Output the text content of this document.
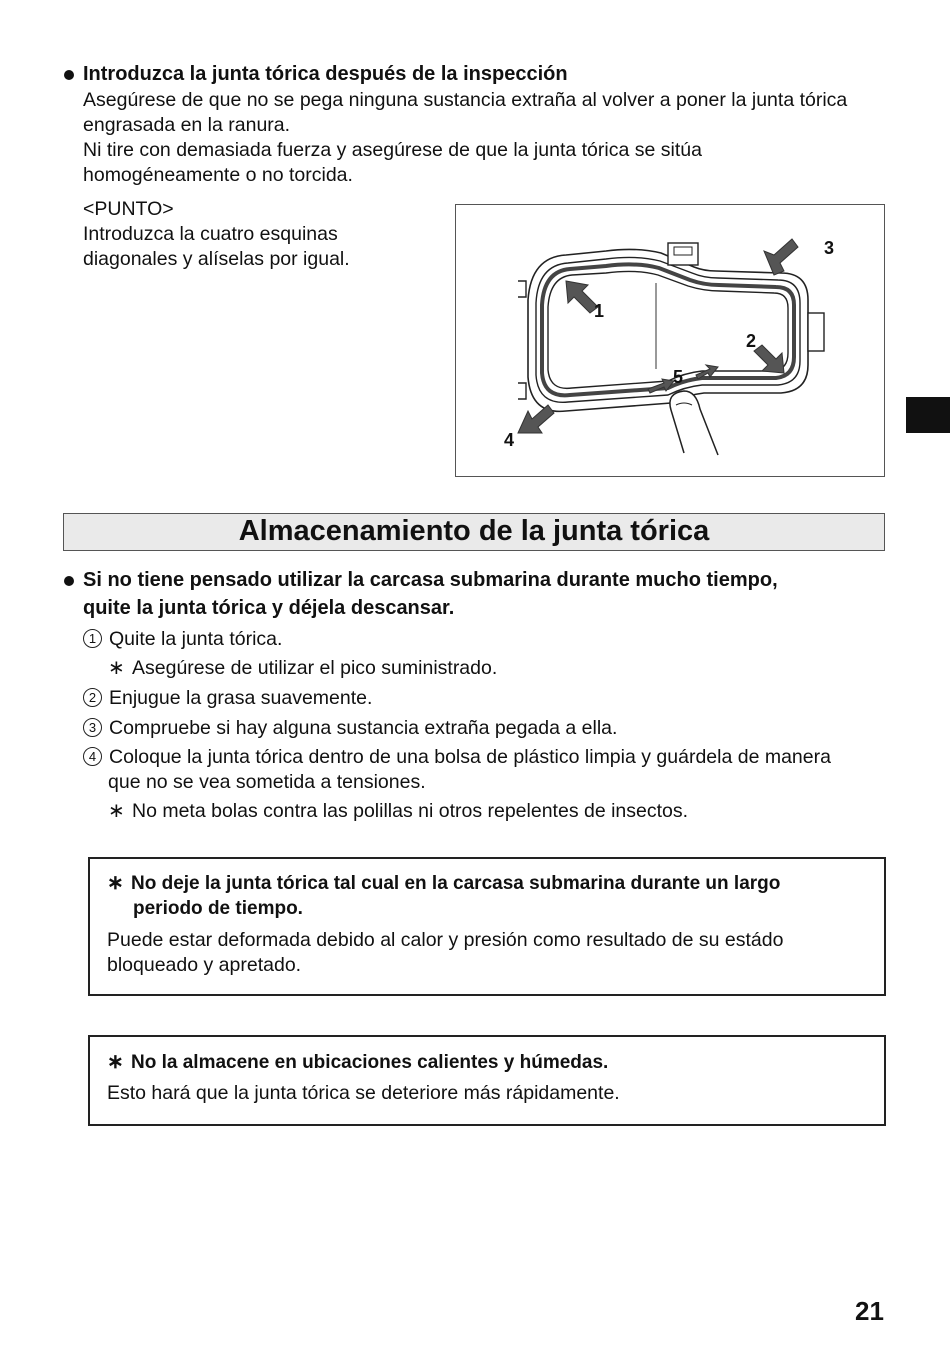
Introduzca la junta tórica después de la inspección
Asegúrese de que no se pega ninguna sustancia extraña al volver a poner la junta tórica
engrasada en la ranura.
Ni tire con demasiada fuerza y asegúrese de que la junta tórica se sitúa
homogéneamente o no torcida.
<PUNTO>
Introduzca la cuatro esquinas
diagonales y alíselas por igual.
1
2
3
4
5
Almacenamiento de la junta tórica
Si no tiene pensado utilizar la carcasa submarina durante mucho tiempo,
quite la junta tórica y déjela descansar.
1 Quite la junta tórica.
∗ Asegúrese de utilizar el pico suministrado.
2 Enjugue la grasa suavemente.
3 Compruebe si hay alguna sustancia extraña pegada a ella.
4 Coloque la junta tórica dentro de una bolsa de plástico limpia y guárdela de manera
que no se vea sometida a tensiones.
∗ No meta bolas contra las polillas ni otros repelentes de insectos.
∗ No deje la junta tórica tal cual en la carcasa submarina durante un largo
periodo de tiempo.
Puede estar deformada debido al calor y presión como resultado de su estádo
bloqueado y apretado.
∗ No la almacene en ubicaciones calientes y húmedas.
Esto hará que la junta tórica se deteriore más rápidamente.
21
